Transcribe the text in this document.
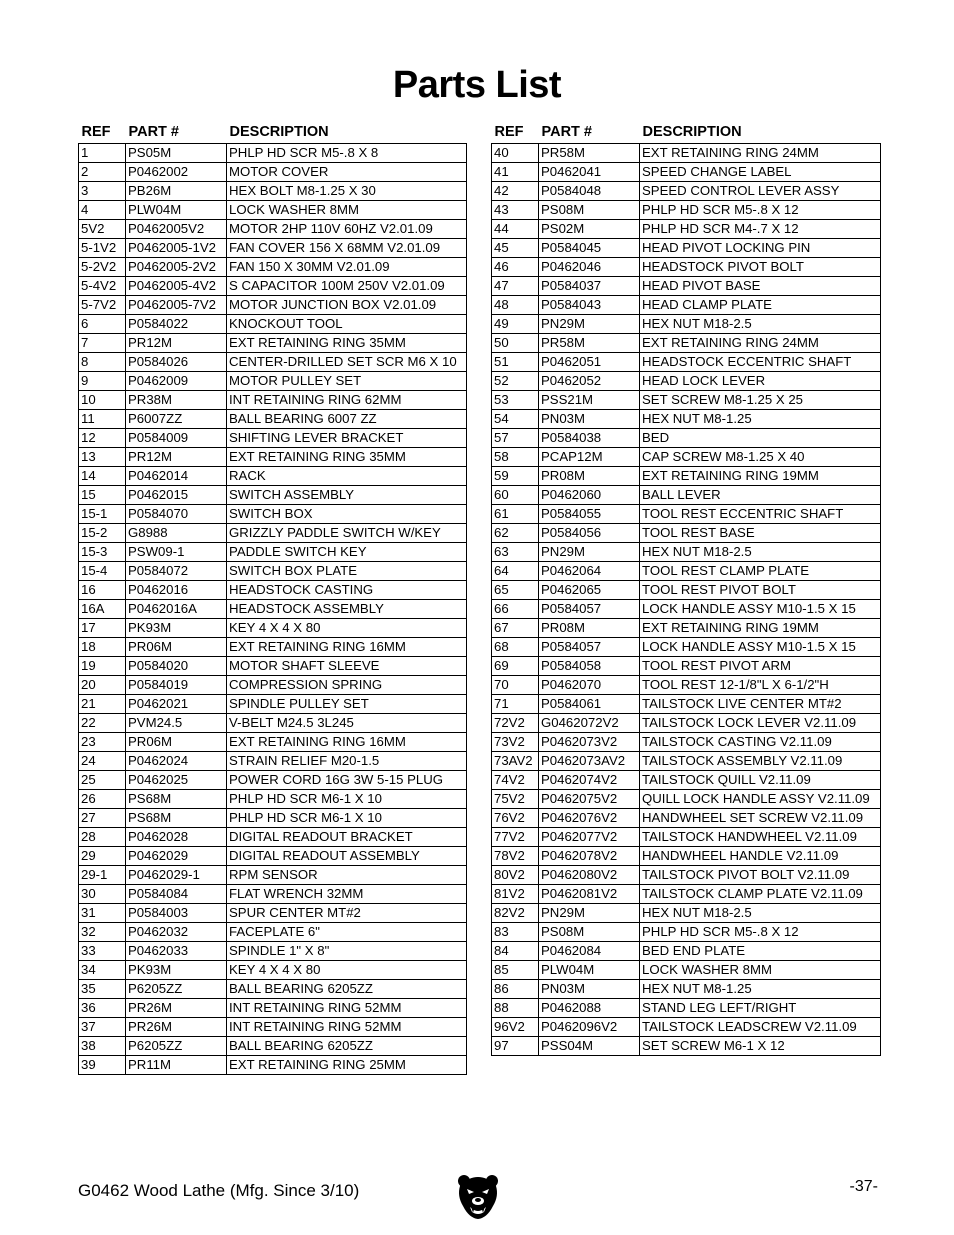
Parts List
REF	PART #	DESCRIPTION
1	PS05M	PHLP HD SCR M5-.8 X 8
2	P0462002	MOTOR COVER
3	PB26M	HEX BOLT M8-1.25 X 30
4	PLW04M	LOCK WASHER 8MM
5V2	P0462005V2	MOTOR 2HP 110V 60HZ V2.01.09
5-1V2	P0462005-1V2	FAN COVER 156 X 68MM V2.01.09
5-2V2	P0462005-2V2	FAN 150 X 30MM V2.01.09
5-4V2	P0462005-4V2	S CAPACITOR 100M 250V V2.01.09
5-7V2	P0462005-7V2	MOTOR JUNCTION BOX V2.01.09
6	P0584022	KNOCKOUT TOOL
7	PR12M	EXT RETAINING RING 35MM
8	P0584026	CENTER-DRILLED SET SCR M6 X 10
9	P0462009	MOTOR PULLEY SET
10	PR38M	INT RETAINING RING 62MM
11	P6007ZZ	BALL BEARING 6007 ZZ
12	P0584009	SHIFTING LEVER BRACKET
13	PR12M	EXT RETAINING RING 35MM
14	P0462014	RACK
15	P0462015	SWITCH ASSEMBLY
15-1	P0584070	SWITCH BOX
15-2	G8988	GRIZZLY PADDLE SWITCH W/KEY
15-3	PSW09-1	PADDLE SWITCH KEY
15-4	P0584072	SWITCH BOX PLATE
16	P0462016	HEADSTOCK CASTING
16A	P0462016A	HEADSTOCK ASSEMBLY
17	PK93M	KEY 4 X 4 X 80
18	PR06M	EXT RETAINING RING 16MM
19	P0584020	MOTOR SHAFT SLEEVE
20	P0584019	COMPRESSION SPRING
21	P0462021	SPINDLE PULLEY SET
22	PVM24.5	V-BELT M24.5 3L245
23	PR06M	EXT RETAINING RING 16MM
24	P0462024	STRAIN RELIEF M20-1.5
25	P0462025	POWER CORD 16G 3W 5-15 PLUG
26	PS68M	PHLP HD SCR M6-1 X 10
27	PS68M	PHLP HD SCR M6-1 X 10
28	P0462028	DIGITAL READOUT BRACKET
29	P0462029	DIGITAL READOUT ASSEMBLY
29-1	P0462029-1	RPM SENSOR
30	P0584084	FLAT WRENCH 32MM
31	P0584003	SPUR CENTER MT#2
32	P0462032	FACEPLATE 6"
33	P0462033	SPINDLE 1" X 8"
34	PK93M	KEY 4 X 4 X 80
35	P6205ZZ	BALL BEARING 6205ZZ
36	PR26M	INT RETAINING RING 52MM
37	PR26M	INT RETAINING RING 52MM
38	P6205ZZ	BALL BEARING 6205ZZ
39	PR11M	EXT RETAINING RING 25MM
REF	PART #	DESCRIPTION
40	PR58M	EXT RETAINING RING 24MM
41	P0462041	SPEED CHANGE LABEL
42	P0584048	SPEED CONTROL LEVER ASSY
43	PS08M	PHLP HD SCR M5-.8 X 12
44	PS02M	PHLP HD SCR M4-.7 X 12
45	P0584045	HEAD PIVOT LOCKING PIN
46	P0462046	HEADSTOCK PIVOT BOLT
47	P0584037	HEAD PIVOT BASE
48	P0584043	HEAD CLAMP PLATE
49	PN29M	HEX NUT M18-2.5
50	PR58M	EXT RETAINING RING 24MM
51	P0462051	HEADSTOCK ECCENTRIC SHAFT
52	P0462052	HEAD LOCK LEVER
53	PSS21M	SET SCREW M8-1.25 X 25
54	PN03M	HEX NUT M8-1.25
57	P0584038	BED
58	PCAP12M	CAP SCREW M8-1.25 X 40
59	PR08M	EXT RETAINING RING 19MM
60	P0462060	BALL LEVER
61	P0584055	TOOL REST ECCENTRIC SHAFT
62	P0584056	TOOL REST BASE
63	PN29M	HEX NUT M18-2.5
64	P0462064	TOOL REST CLAMP PLATE
65	P0462065	TOOL REST PIVOT BOLT
66	P0584057	LOCK HANDLE ASSY M10-1.5 X 15
67	PR08M	EXT RETAINING RING 19MM
68	P0584057	LOCK HANDLE ASSY M10-1.5 X 15
69	P0584058	TOOL REST PIVOT ARM
70	P0462070	TOOL REST 12-1/8"L X 6-1/2"H
71	P0584061	TAILSTOCK LIVE CENTER MT#2
72V2	G0462072V2	TAILSTOCK LOCK LEVER V2.11.09
73V2	P0462073V2	TAILSTOCK CASTING V2.11.09
73AV2	P0462073AV2	TAILSTOCK ASSEMBLY V2.11.09
74V2	P0462074V2	TAILSTOCK QUILL V2.11.09
75V2	P0462075V2	QUILL LOCK HANDLE ASSY V2.11.09
76V2	P0462076V2	HANDWHEEL SET SCREW V2.11.09
77V2	P0462077V2	TAILSTOCK HANDWHEEL V2.11.09
78V2	P0462078V2	HANDWHEEL HANDLE V2.11.09
80V2	P0462080V2	TAILSTOCK PIVOT BOLT V2.11.09
81V2	P0462081V2	TAILSTOCK CLAMP PLATE V2.11.09
82V2	PN29M	HEX NUT M18-2.5
83	PS08M	PHLP HD SCR M5-.8 X 12
84	P0462084	BED END PLATE
85	PLW04M	LOCK WASHER 8MM
86	PN03M	HEX NUT M8-1.25
88	P0462088	STAND LEG LEFT/RIGHT
96V2	P0462096V2	TAILSTOCK LEADSCREW V2.11.09
97	PSS04M	SET SCREW M6-1 X 12
G0462 Wood Lathe (Mfg. Since 3/10)	-37-
